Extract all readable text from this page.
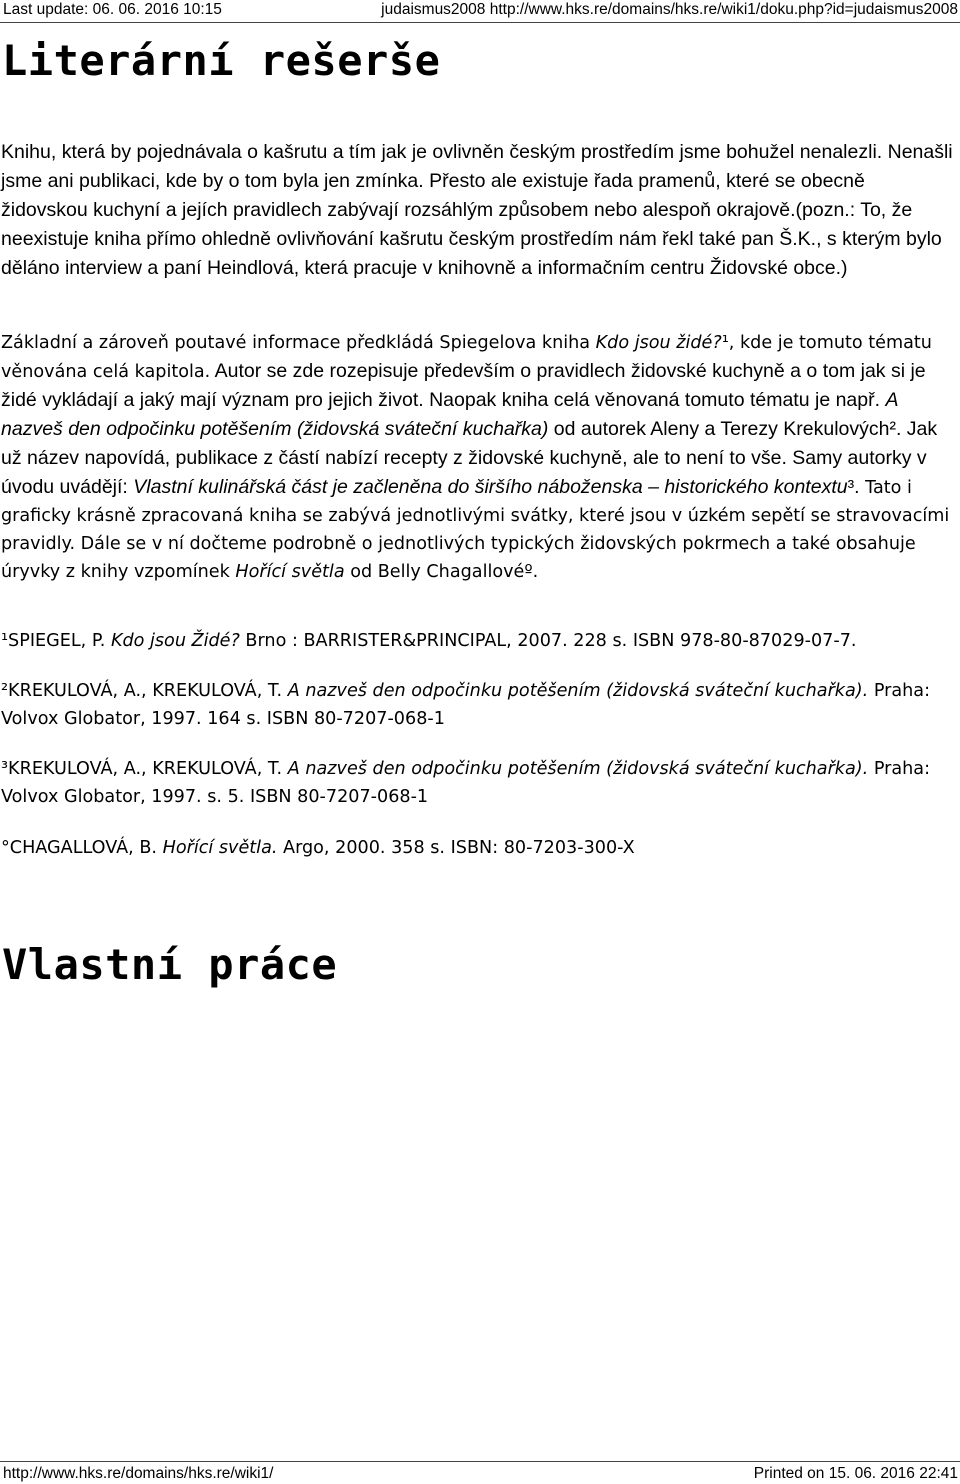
Last update: 06. 06. 2016 10:15	judaismus2008 http://www.hks.re/domains/hks.re/wiki1/doku.php?id=judaismus2008
Literární rešerše

Knihu, která by pojednávala o kašrutu a tím jak je ovlivněn českým prostředím jsme bohužel nenalezli. Nenašli jsme ani publikaci, kde by o tom byla jen zmínka. Přesto ale existuje řada pramenů, které se obecně židovskou kuchyní a jejích pravidlech zabývají rozsáhlým způsobem nebo alespoň okrajově.(pozn.: To, že neexistuje kniha přímo ohledně ovlivňování kašrutu českým prostředím nám řekl také pan Š.K., s kterým bylo děláno interview a paní Heindlová, která pracuje v knihovně a informačním centru Židovské obce.)

Základní a zároveň poutavé informace předkládá Spiegelova kniha Kdo jsou židé?¹, kde je tomuto tématu věnována celá kapitola. Autor se zde rozepisuje především o pravidlech židovské kuchyně a o tom jak si je židé vykládají a jaký mají význam pro jejich život. Naopak kniha celá věnovaná tomuto tématu je např. A nazveš den odpočinku potěšením (židovská sváteční kuchařka) od autorek Aleny a Terezy Krekulových². Jak už název napovídá, publikace z částí nabízí recepty z židovské kuchyně, ale to není to vše. Samy autorky v úvodu uvádějí: Vlastní kulinářská část je začleněna do širšího náboženska – historického kontextu³. Tato i graficky krásně zpracovaná kniha se zabývá jednotlivými svátky, které jsou v úzkém sepětí se stravovacími pravidly. Dále se v ní dočteme podrobně o jednotlivých typických židovských pokrmech a také obsahuje úryvky z knihy vzpomínek Hořící světla od Belly Chagallovéº.

¹SPIEGEL, P. Kdo jsou Židé? Brno : BARRISTER&PRINCIPAL, 2007. 228 s. ISBN 978-80-87029-07-7.

²KREKULOVÁ, A., KREKULOVÁ, T. A nazveš den odpočinku potěšením (židovská sváteční kuchařka). Praha: Volvox Globator, 1997. 164 s. ISBN 80-7207-068-1

³KREKULOVÁ, A., KREKULOVÁ, T. A nazveš den odpočinku potěšením (židovská sváteční kuchařka). Praha: Volvox Globator, 1997. s. 5. ISBN 80-7207-068-1

°CHAGALLOVÁ, B. Hořící světla. Argo, 2000. 358 s. ISBN: 80-7203-300-X

Vlastní práce
http://www.hks.re/domains/hks.re/wiki1/	Printed on 15. 06. 2016 22:41
